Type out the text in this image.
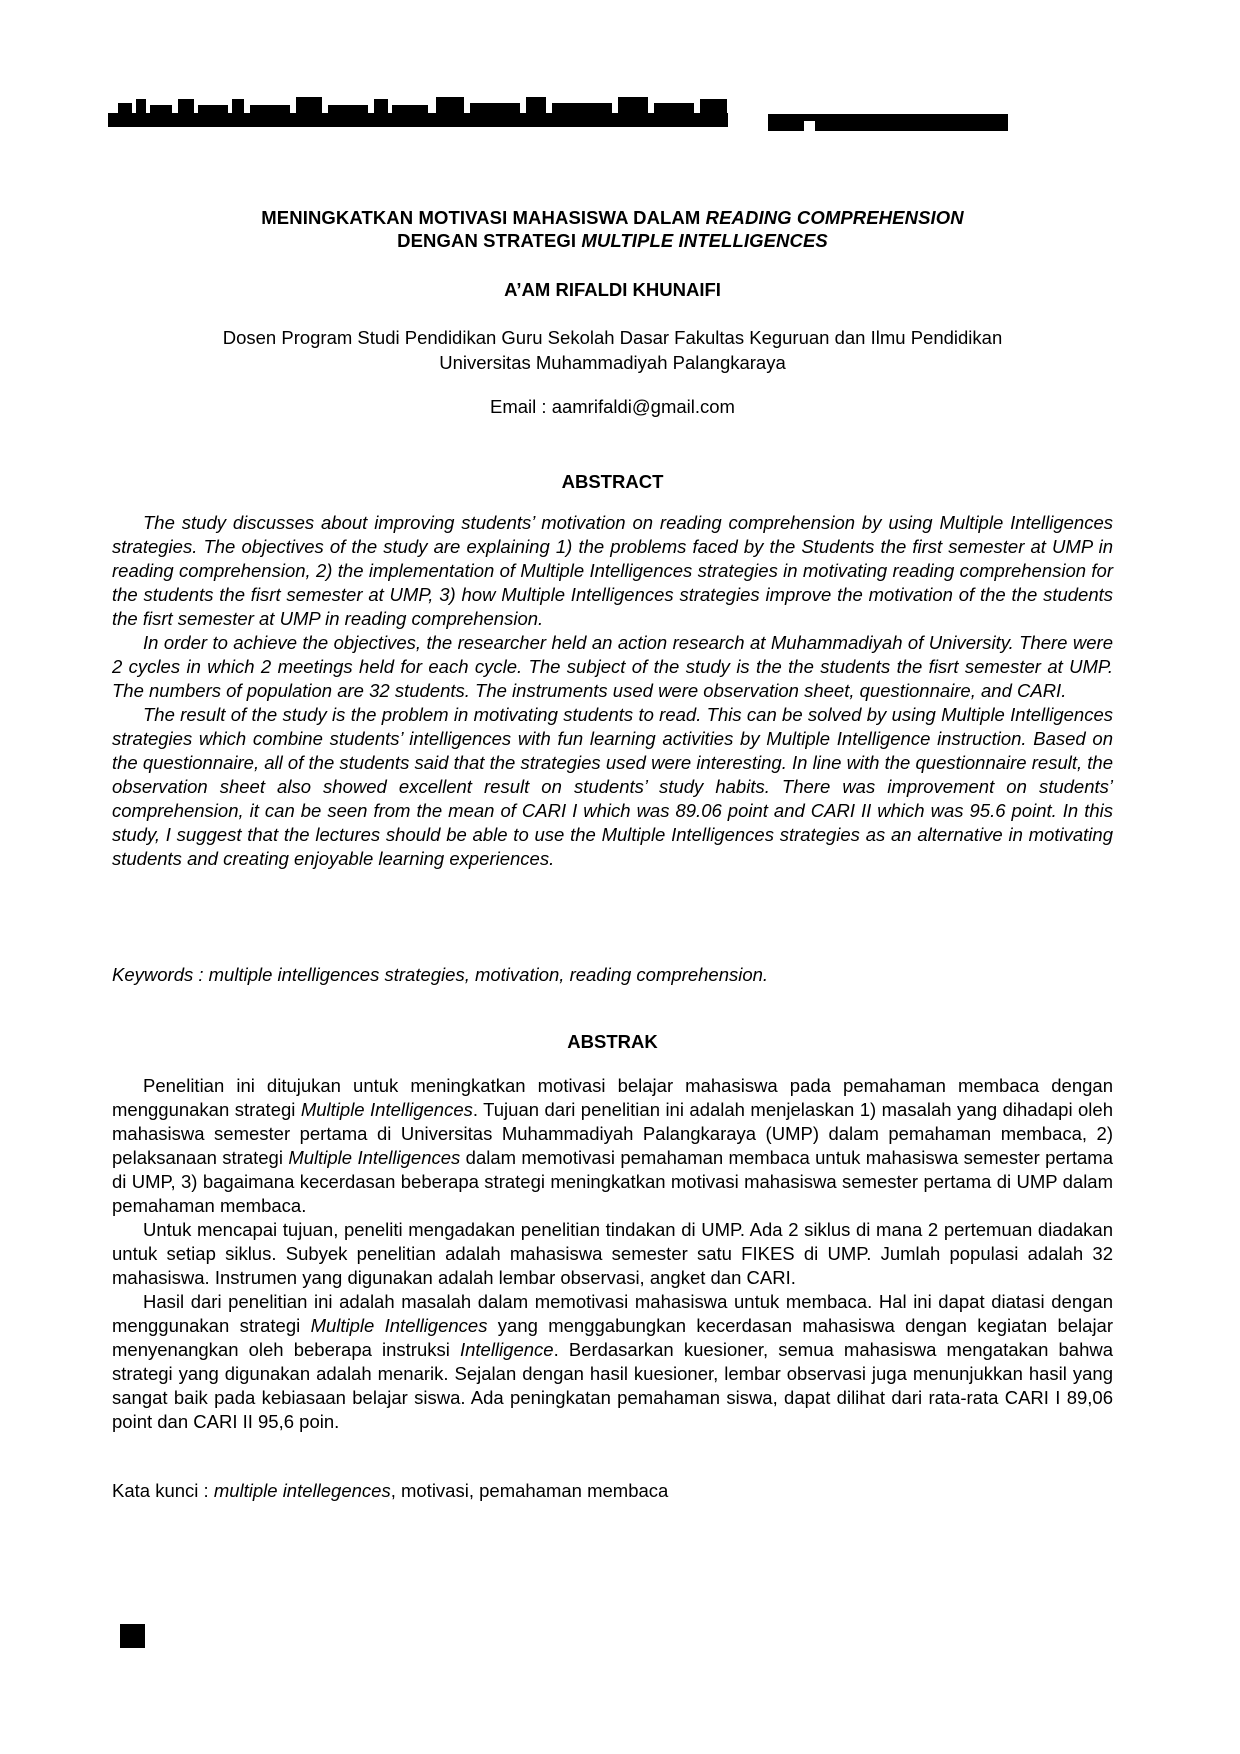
MENINGKATKAN MOTIVASI MAHASISWA DALAM READING COMPREHENSION
DENGAN STRATEGI MULTIPLE INTELLIGENCES
A’AM RIFALDI KHUNAIFI
Dosen Program Studi Pendidikan Guru Sekolah Dasar Fakultas Keguruan dan Ilmu Pendidikan
Universitas Muhammadiyah Palangkaraya
Email : aamrifaldi@gmail.com
ABSTRACT

The study discusses about improving students’ motivation on reading comprehension by using Multiple Intelligences strategies. The objectives of the study are explaining 1) the problems faced by the Students the first semester at UMP in reading comprehension, 2) the implementation of Multiple Intelligences strategies in motivating reading comprehension for the students the fisrt semester at UMP, 3) how Multiple Intelligences strategies improve the motivation of the the students the fisrt semester at UMP in reading comprehension.

In order to achieve the objectives, the researcher held an action research at Muhammadiyah of University. There were 2 cycles in which 2 meetings held for each cycle. The subject of the study is the the students the fisrt semester at UMP. The numbers of population are 32 students. The instruments used were observation sheet, questionnaire, and CARI.

The result of the study is the problem in motivating students to read. This can be solved by using Multiple Intelligences strategies which combine students’ intelligences with fun learning activities by Multiple Intelligence instruction. Based on the questionnaire, all of the students said that the strategies used were interesting. In line with the questionnaire result, the observation sheet also showed excellent result on students’ study habits. There was improvement on students’ comprehension, it can be seen from the mean of CARI I which was 89.06 point and CARI II which was 95.6 point. In this study, I suggest that the lectures should be able to use the Multiple Intelligences strategies as an alternative in motivating students and creating enjoyable learning experiences.

Keywords : multiple intelligences strategies, motivation, reading comprehension.
ABSTRAK

Penelitian ini ditujukan untuk meningkatkan motivasi belajar mahasiswa pada pemahaman membaca dengan menggunakan strategi Multiple Intelligences. Tujuan dari penelitian ini adalah menjelaskan 1) masalah yang dihadapi oleh mahasiswa semester pertama di Universitas Muhammadiyah Palangkaraya (UMP) dalam pemahaman membaca, 2) pelaksanaan strategi Multiple Intelligences dalam memotivasi pemahaman membaca untuk mahasiswa semester pertama di UMP, 3) bagaimana kecerdasan beberapa strategi meningkatkan motivasi mahasiswa semester pertama di UMP dalam pemahaman membaca.

Untuk mencapai tujuan, peneliti mengadakan penelitian tindakan di UMP. Ada 2 siklus di mana 2 pertemuan diadakan untuk setiap siklus. Subyek penelitian adalah mahasiswa semester satu FIKES di UMP. Jumlah populasi adalah 32 mahasiswa. Instrumen yang digunakan adalah lembar observasi, angket dan CARI.

Hasil dari penelitian ini adalah masalah dalam memotivasi mahasiswa untuk membaca. Hal ini dapat diatasi dengan menggunakan strategi Multiple Intelligences yang menggabungkan kecerdasan mahasiswa dengan kegiatan belajar menyenangkan oleh beberapa instruksi Intelligence. Berdasarkan kuesioner, semua mahasiswa mengatakan bahwa strategi yang digunakan adalah menarik. Sejalan dengan hasil kuesioner, lembar observasi juga menunjukkan hasil yang sangat baik pada kebiasaan belajar siswa. Ada peningkatan pemahaman siswa, dapat dilihat dari rata-rata CARI I 89,06 point dan CARI II 95,6 poin.

Kata kunci : multiple intellegences, motivasi, pemahaman membaca
